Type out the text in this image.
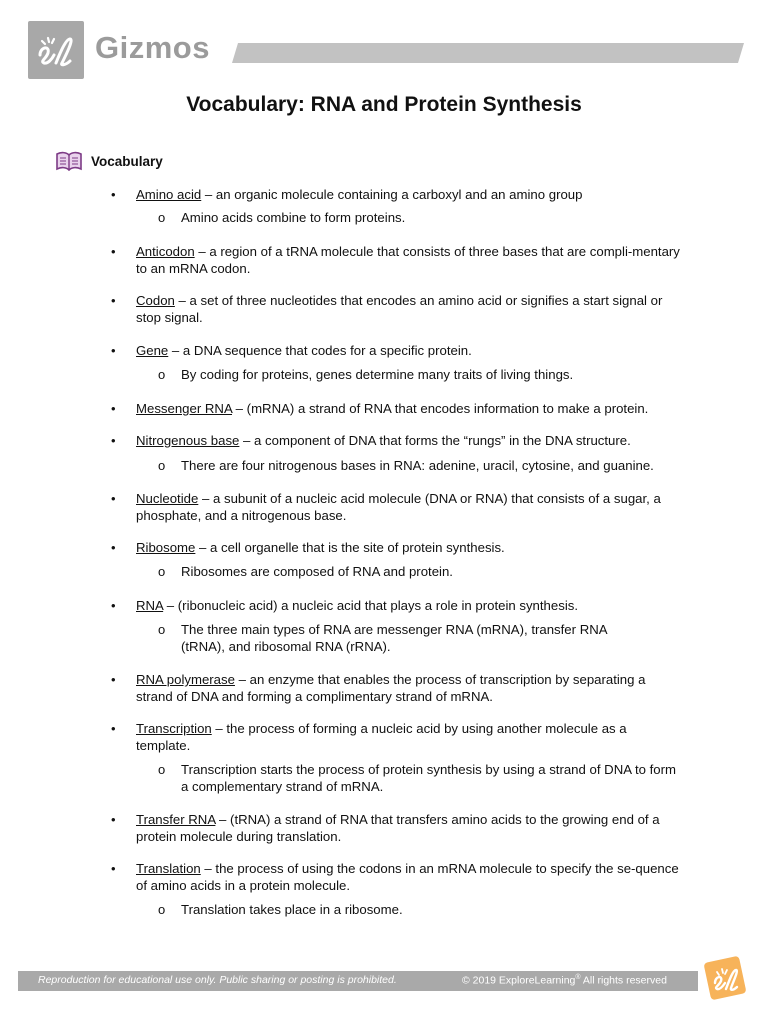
Gizmos
Vocabulary: RNA and Protein Synthesis
Vocabulary
• Amino acid – an organic molecule containing a carboxyl and an amino group
o Amino acids combine to form proteins.
• Anticodon – a region of a tRNA molecule that consists of three bases that are compli-mentary to an mRNA codon.
• Codon – a set of three nucleotides that encodes an amino acid or signifies a start signal or stop signal.
• Gene – a DNA sequence that codes for a specific protein.
o By coding for proteins, genes determine many traits of living things.
• Messenger RNA – (mRNA) a strand of RNA that encodes information to make a protein.
• Nitrogenous base – a component of DNA that forms the “rungs” in the DNA structure.
o There are four nitrogenous bases in RNA: adenine, uracil, cytosine, and guanine.
• Nucleotide – a subunit of a nucleic acid molecule (DNA or RNA) that consists of a sugar, a phosphate, and a nitrogenous base.
• Ribosome – a cell organelle that is the site of protein synthesis.
o Ribosomes are composed of RNA and protein.
• RNA – (ribonucleic acid) a nucleic acid that plays a role in protein synthesis.
o The three main types of RNA are messenger RNA (mRNA), transfer RNA (tRNA), and ribosomal RNA (rRNA).
• RNA polymerase – an enzyme that enables the process of transcription by separating a strand of DNA and forming a complimentary strand of mRNA.
• Transcription – the process of forming a nucleic acid by using another molecule as a template.
o Transcription starts the process of protein synthesis by using a strand of DNA to form a complementary strand of mRNA.
• Transfer RNA – (tRNA) a strand of RNA that transfers amino acids to the growing end of a protein molecule during translation.
• Translation – the process of using the codons in an mRNA molecule to specify the se-quence of amino acids in a protein molecule.
o Translation takes place in a ribosome.
Reproduction for educational use only. Public sharing or posting is prohibited.	© 2019 ExploreLearning® All rights reserved
